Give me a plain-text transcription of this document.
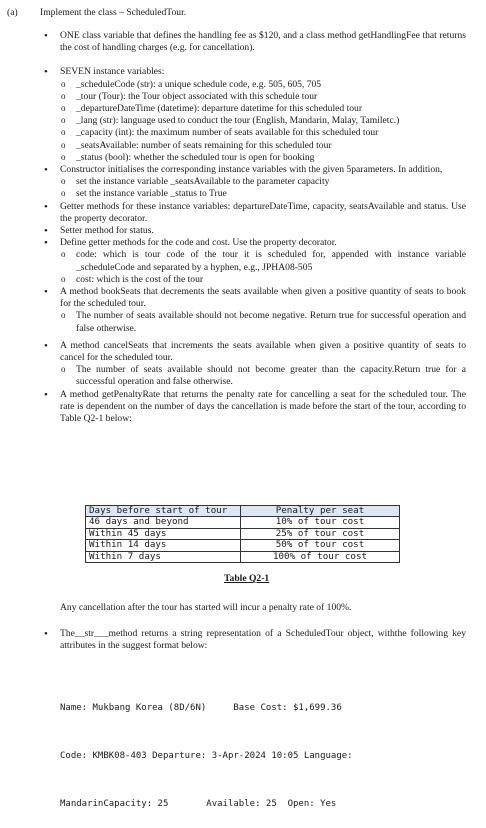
(a) Implement the class – ScheduledTour.
• ONE class variable that defines the handling fee as $120, and a class method getHandlingFee that returns the cost of handling charges (e.g. for cancellation).
• SEVEN instance variables:
o _scheduleCode (str): a unique schedule code, e.g. 505, 605, 705
o _tour (Tour): the Tour object associated with this schedule tour
o _departureDateTime (datetime): departure datetime for this scheduled tour
o _lang (str): language used to conduct the tour (English, Mandarin, Malay, Tamiletc.)
o _capacity (int): the maximum number of seats available for this scheduled tour
o _seatsAvailable: number of seats remaining for this scheduled tour
o _status (bool): whether the scheduled tour is open for booking
• Constructor initialises the corresponding instance variables with the given 5parameters. In addition,
o set the instance variable _seatsAvailable to the parameter capacity
o set the instance variable _status to True
• Getter methods for these instance variables: departureDateTime, capacity, seatsAvailable and status. Use the property decorator.
• Setter method for status.
• Define getter methods for the code and cost. Use the property decorator.
o code: which is tour code of the tour it is scheduled for, appended with instance variable _scheduleCode and separated by a hyphen, e.g., JPHA08-505
o cost: which is the cost of the tour
• A method bookSeats that decrements the seats available when given a positive quantity of seats to book for the scheduled tour.
o The number of seats available should not become negative. Return true for successful operation and false otherwise.
• A method cancelSeats that increments the seats available when given a positive quantity of seats to cancel for the scheduled tour.
o The number of seats available should not become greater than the capacity.Return true for a successful operation and false otherwise.
• A method getPenaltyRate that returns the penalty rate for cancelling a seat for the scheduled tour. The rate is dependent on the number of days the cancellation is made before the start of the tour, according to Table Q2-1 below:
Days before start of tour	Penalty per seat
46 days and beyond	10% of tour cost
Within 45 days	25% of tour cost
Within 14 days	50% of tour cost
Within 7 days	100% of tour cost
Table Q2-1
Any cancellation after the tour has started will incur a penalty rate of 100%.
• The__str___method returns a string representation of a ScheduledTour object, withthe following key attributes in the suggest format below:

Name: Mukbang Korea (8D/6N)     Base Cost: $1,699.36

Code: KMBK08-403 Departure: 3-Apr-2024 10:05 Language:

MandarinCapacity: 25       Available: 25  Open: Yes
